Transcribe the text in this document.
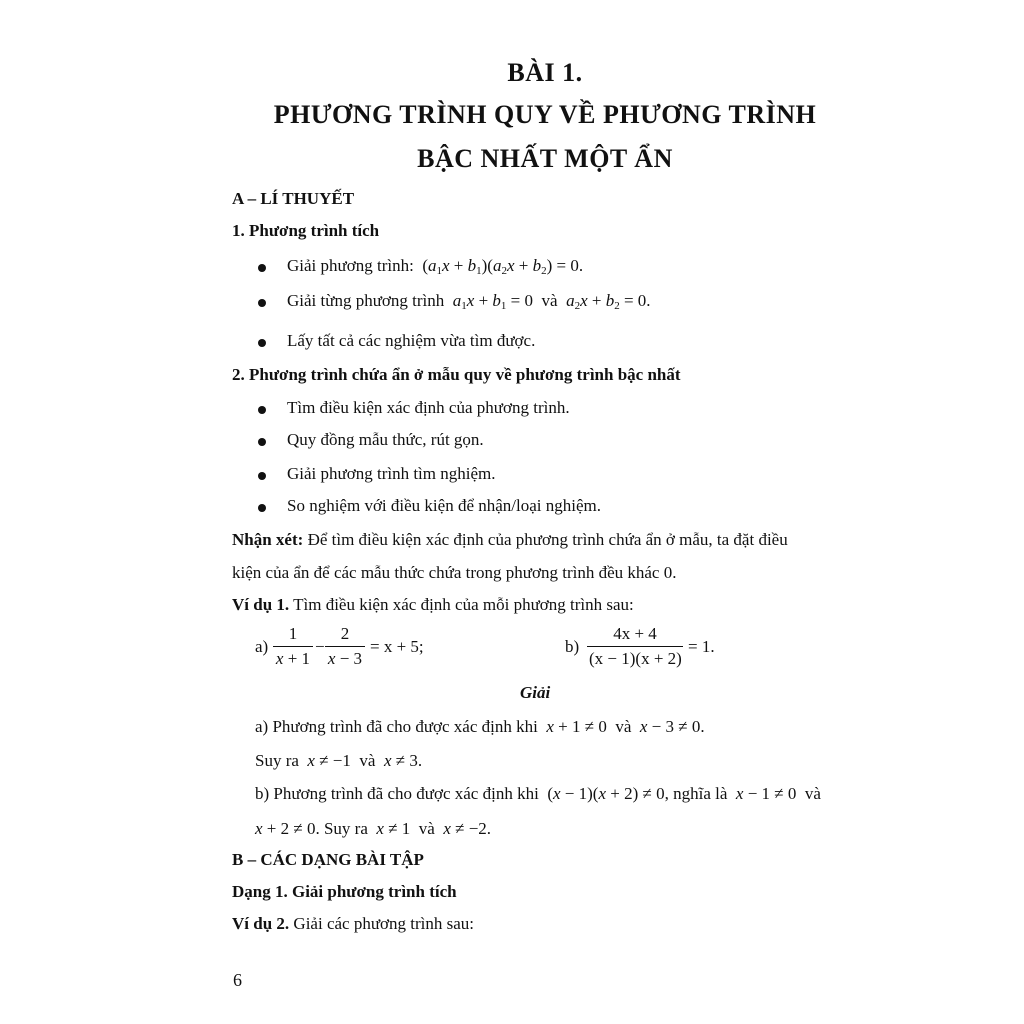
BÀI 1.
PHƯƠNG TRÌNH QUY VỀ PHƯƠNG TRÌNH
BẬC NHẤT MỘT ẨN
A – LÍ THUYẾT
1. Phương trình tích
Giải phương trình:  $(a_1x + b_1)(a_2x + b_2) = 0$.
Giải từng phương trình $a_1x + b_1 = 0$  và $a_2x + b_2 = 0$.
Lấy tất cả các nghiệm vừa tìm được.
2. Phương trình chứa ẩn ở mẫu quy về phương trình bậc nhất
Tìm điều kiện xác định của phương trình.
Quy đồng mẫu thức, rút gọn.
Giải phương trình tìm nghiệm.
So nghiệm với điều kiện để nhận/loại nghiệm.
Nhận xét: Để tìm điều kiện xác định của phương trình chứa ẩn ở mẫu, ta đặt điều
kiện của ẩn để các mẫu thức chứa trong phương trình đều khác 0.
Ví dụ 1. Tìm điều kiện xác định của mỗi phương trình sau:
$a) \frac{1}{x + 1} - \frac{2}{x - 3} = x + 5$;	$b) \frac{4x + 4}{(x - 1)(x + 2)} = 1$.
Giải
a) Phương trình đã cho được xác định khi x + 1 ≠ 0  và x − 3 ≠ 0.
Suy ra x ≠ −1  và x ≠ 3.
b) Phương trình đã cho được xác định khi  (x − 1)(x + 2) ≠ 0, nghĩa là x − 1 ≠ 0  và
x + 2 ≠ 0. Suy ra x ≠ 1  và x ≠ −2.
B – CÁC DẠNG BÀI TẬP
Dạng 1. Giải phương trình tích
Ví dụ 2. Giải các phương trình sau:
6
